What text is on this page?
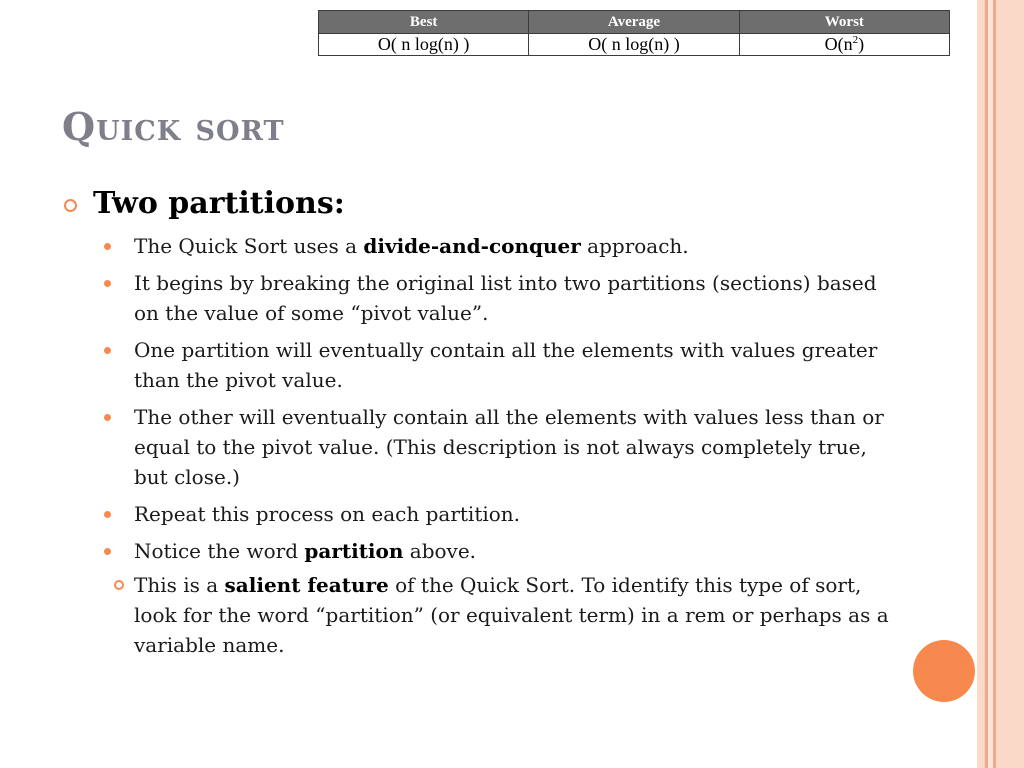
Best	Average	Worst
O( n log(n) )	O( n log(n) )	$O(n^2)$
Quick sort
Two partitions:
The Quick Sort uses a divide-and-conquer approach.
It begins by breaking the original list into two partitions (sections) based on the value of some “pivot value”.
One partition will eventually contain all the elements with values greater than the pivot value.
The other will eventually contain all the elements with values less than or equal to the pivot value. (This description is not always completely true, but close.)
Repeat this process on each partition.
Notice the word partition above.
This is a salient feature of the Quick Sort. To identify this type of sort, look for the word “partition” (or equivalent term) in a rem or perhaps as a variable name.
